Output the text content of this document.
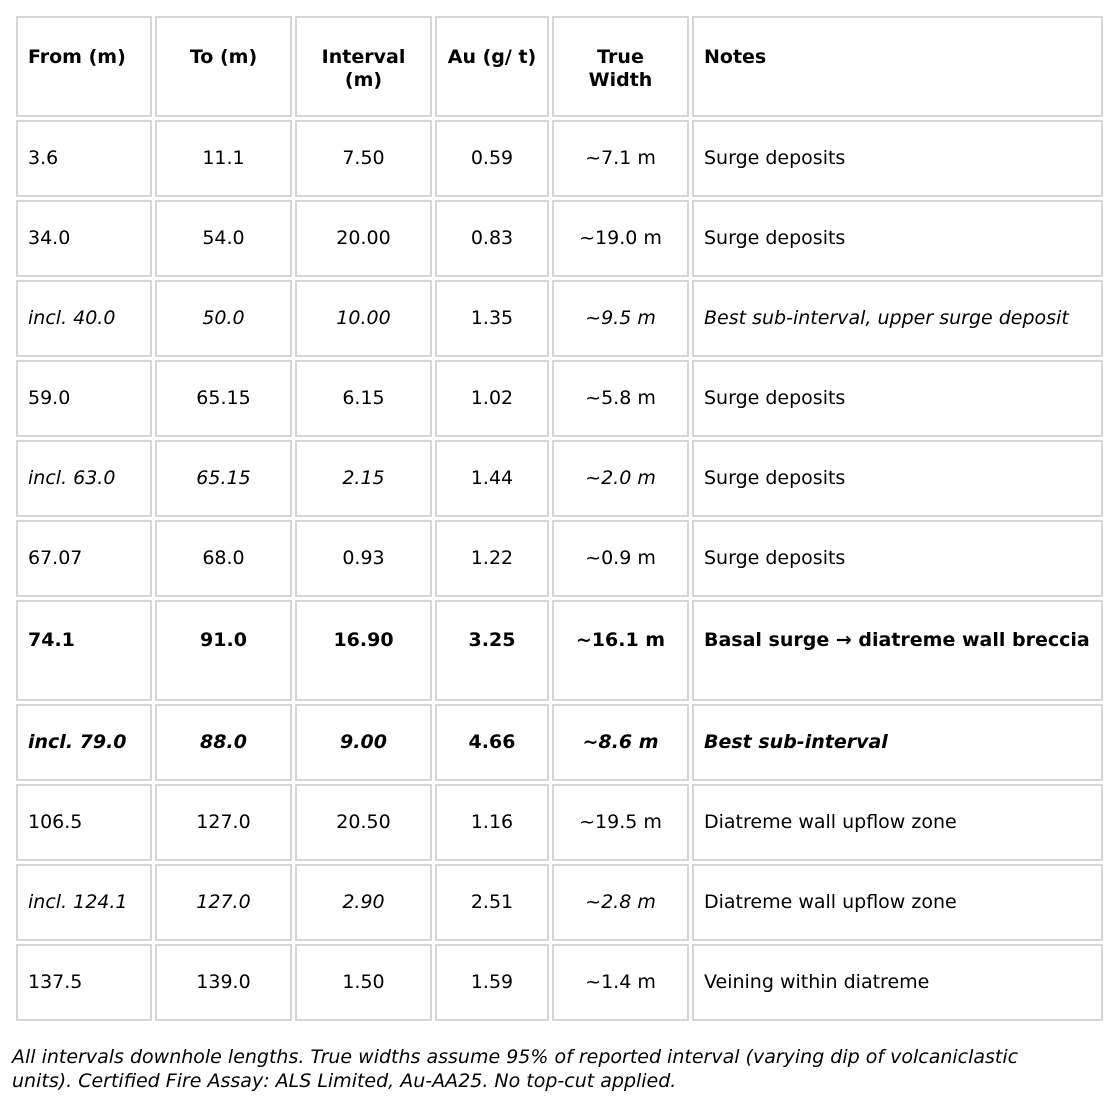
From (m)	To (m)	Interval (m)	Au (g/ t)	True Width	Notes
3.6	11.1	7.50	0.59	~7.1 m	Surge deposits
34.0	54.0	20.00	0.83	~19.0 m	Surge deposits
incl. 40.0	50.0	10.00	1.35	~9.5 m	Best sub-interval, upper surge deposit
59.0	65.15	6.15	1.02	~5.8 m	Surge deposits
incl. 63.0	65.15	2.15	1.44	~2.0 m	Surge deposits
67.07	68.0	0.93	1.22	~0.9 m	Surge deposits
74.1	91.0	16.90	3.25	~16.1 m	Basal surge → diatreme wall breccia
incl. 79.0	88.0	9.00	4.66	~8.6 m	Best sub-interval
106.5	127.0	20.50	1.16	~19.5 m	Diatreme wall upflow zone
incl. 124.1	127.0	2.90	2.51	~2.8 m	Diatreme wall upflow zone
137.5	139.0	1.50	1.59	~1.4 m	Veining within diatreme
All intervals downhole lengths. True widths assume 95% of reported interval (varying dip of volcaniclastic units). Certified Fire Assay: ALS Limited, Au-AA25. No top-cut applied.
